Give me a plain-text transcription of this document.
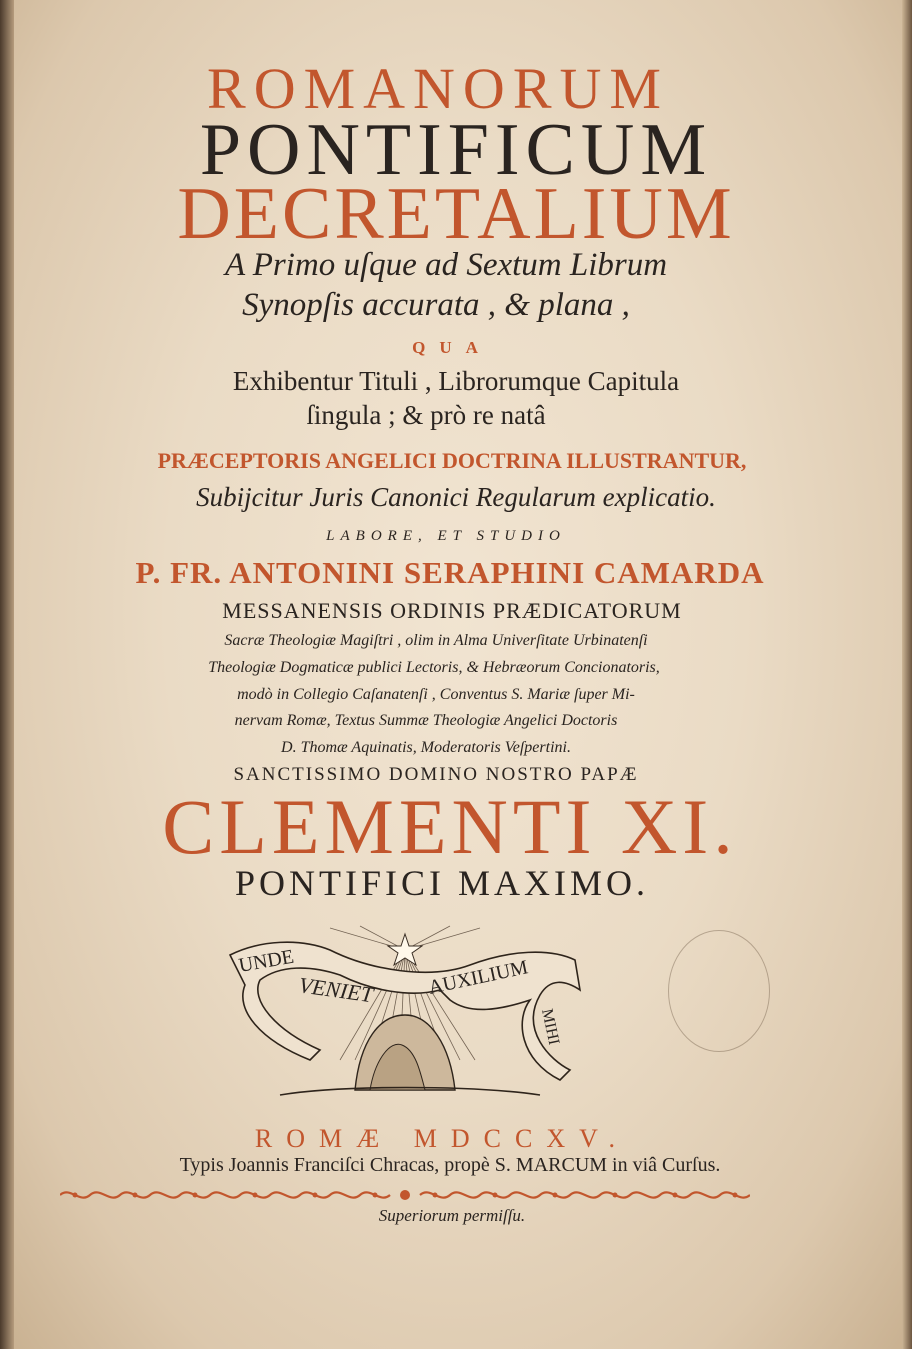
ROMANORUM
PONTIFICUM
DECRETALIUM
A Primo uſque ad Sextum Librum
Synopſis accurata , & plana ,
QUA
Exhibentur Tituli , Librorumque Capitula
ſingula ; & prò re natâ
PRÆCEPTORIS ANGELICI DOCTRINA ILLUSTRANTUR,
Subijcitur Juris Canonici Regularum explicatio.
LABORE, ET STUDIO
P. FR. ANTONINI SERAPHINI CAMARDA
MESSANENSIS ORDINIS PRÆDICATORUM
Sacræ Theologiæ Magiſtri , olim in Alma Univerſitate Urbinatenſi
Theologiæ Dogmaticæ publici Lectoris, & Hebræorum Concionatoris,
modò in Collegio Caſanatenſi , Conventus S. Mariæ ſuper Mi-
nervam Romæ, Textus Summæ Theologiæ Angelici Doctoris
D. Thomæ Aquinatis, Moderatoris Veſpertini.
SANCTISSIMO DOMINO NOSTRO PAPÆ
CLEMENTI XI.
PONTIFICI MAXIMO.
UNDE
VENIET	AUXILIUM
MIHI
ROMÆ MDCCXV.
Typis Joannis Franciſci Chracas, propè S. MARCUM in viâ Curſus.
Superiorum permiſſu.
